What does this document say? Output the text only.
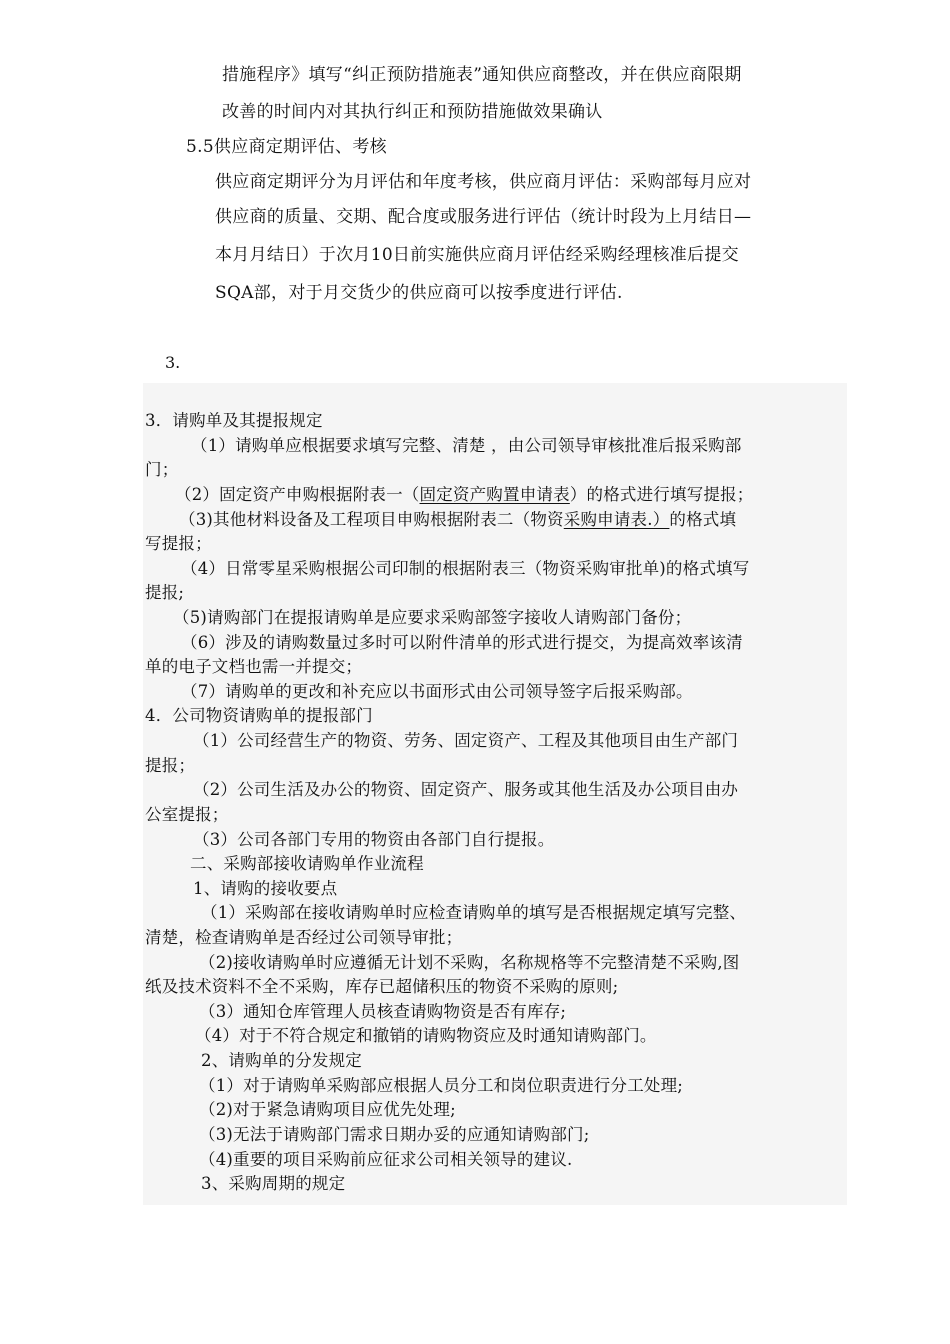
措施程序》填写“纠正预防措施表”通知供应商整改，并在供应商限期
改善的时间内对其执行纠正和预防措施做效果确认
5.5供应商定期评估、考核
供应商定期评分为月评估和年度考核，供应商月评估：采购部每月应对
供应商的质量、交期、配合度或服务进行评估（统计时段为上月结日—
本月月结日）于次月10日前实施供应商月评估经采购经理核准后提交
SQA部，对于月交货少的供应商可以按季度进行评估.
3.
3．请购单及其提报规定
（1）请购单应根据要求填写完整、清楚 ，由公司领导审核批准后报采购部
门；
（2）固定资产申购根据附表一（固定资产购置申请表）的格式进行填写提报；
（3)其他材料设备及工程项目申购根据附表二（物资采购申请表.）的格式填
写提报；
（4）日常零星采购根据公司印制的根据附表三（物资采购审批单)的格式填写
提报;
（5)请购部门在提报请购单是应要求采购部签字接收人请购部门备份；
（6）涉及的请购数量过多时可以附件清单的形式进行提交，为提高效率该清
单的电子文档也需一并提交；
（7）请购单的更改和补充应以书面形式由公司领导签字后报采购部。
4．公司物资请购单的提报部门
（1）公司经营生产的物资、劳务、固定资产、工程及其他项目由生产部门
提报；
（2）公司生活及办公的物资、固定资产、服务或其他生活及办公项目由办
公室提报；
（3）公司各部门专用的物资由各部门自行提报。
二、采购部接收请购单作业流程
1、请购的接收要点
（1）采购部在接收请购单时应检查请购单的填写是否根据规定填写完整、
清楚，检查请购单是否经过公司领导审批；
（2)接收请购单时应遵循无计划不采购，名称规格等不完整清楚不采购,图
纸及技术资料不全不采购，库存已超储积压的物资不采购的原则;
（3）通知仓库管理人员核查请购物资是否有库存;
（4）对于不符合规定和撤销的请购物资应及时通知请购部门。
2、请购单的分发规定
（1）对于请购单采购部应根据人员分工和岗位职责进行分工处理;
（2)对于紧急请购项目应优先处理;
（3)无法于请购部门需求日期办妥的应通知请购部门;
（4)重要的项目采购前应征求公司相关领导的建议.
3、采购周期的规定
